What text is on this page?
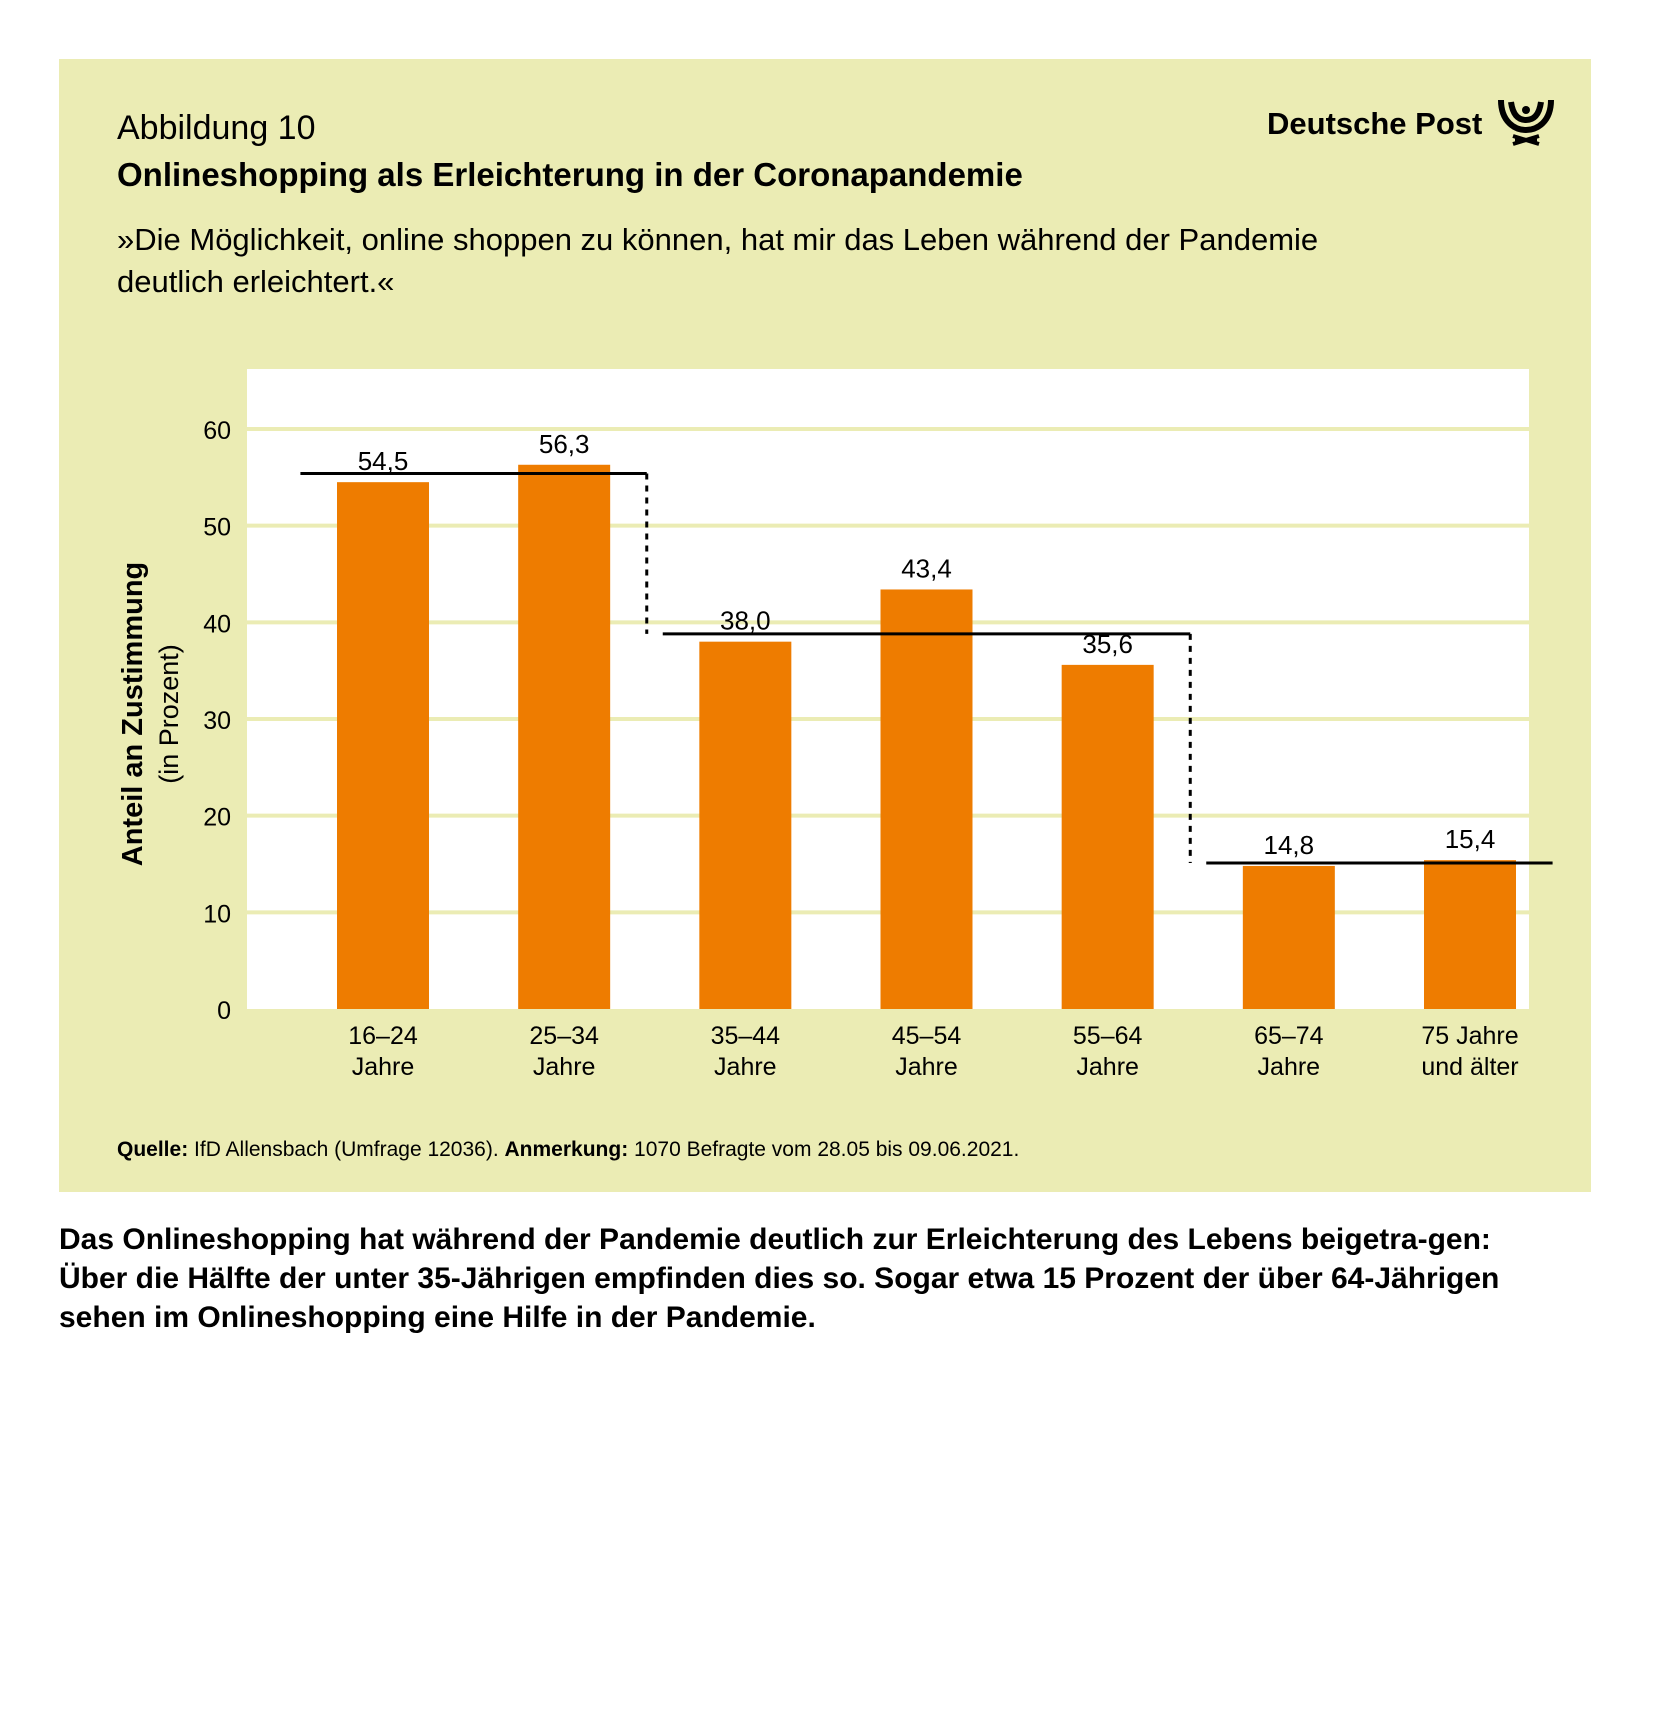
Abbildung 10
Onlineshopping als Erleichterung in der Coronapandemie
»Die Möglichkeit, online shoppen zu können, hat mir das Leben während der Pandemie deutlich erleichtert.«
Deutsche Post
0
10
20
30
40
50
60
54,5
56,3
38,0
43,4
35,6
14,8	15,4
16–24
Jahre
25–34
Jahre
35–44
Jahre
45–54
Jahre
55–64
Jahre
65–74
Jahre
75 Jahre
und älter
Anteil an Zustimmung (in Prozent)
Quelle: IfD Allensbach (Umfrage 12036). Anmerkung: 1070 Befragte vom 28.05 bis 09.06.2021.
Das Onlineshopping hat während der Pandemie deutlich zur Erleichterung des Lebens beigetra-gen: Über die Hälfte der unter 35-Jährigen empfinden dies so. Sogar etwa 15 Prozent der über 64-Jährigen sehen im Onlineshopping eine Hilfe in der Pandemie.
